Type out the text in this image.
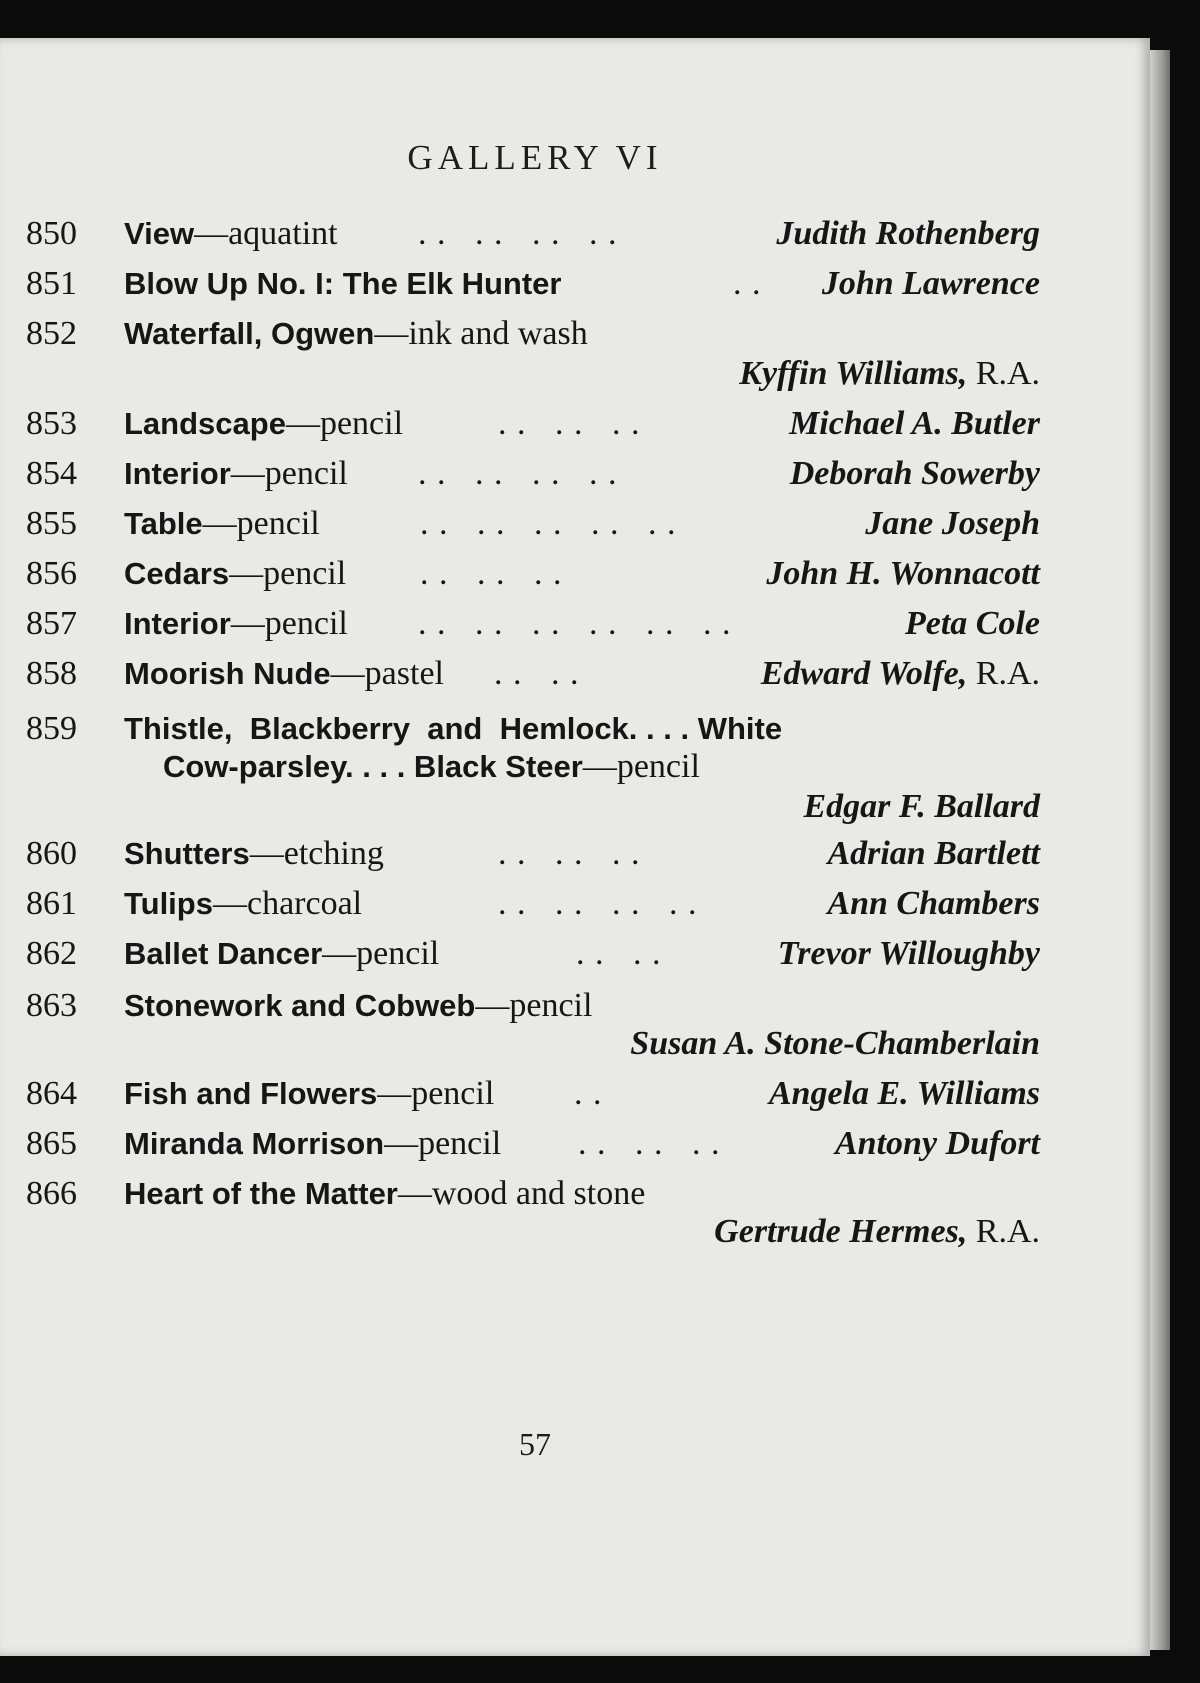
GALLERY VI
850 View—aquatint . .   . .   . .   . .	Judith Rothenberg
851 Blow Up No. I: The Elk Hunter	. . John Lawrence
852 Waterfall, Ogwen—ink and wash
Kyffin Williams, R.A.
853 Landscape—pencil	. .   . .   . .	Michael A. Butler
854 Interior—pencil . .   . .   . .   . .	Deborah Sowerby
855 Table—pencil	. .   . .   . .   . .   . .	Jane Joseph
856 Cedars—pencil . .   . .   . .	John H. Wonnacott
857 Interior—pencil . .   . .   . .   . .   . .   . .	Peta Cole
858 Moorish Nude—pastel . .   . .	Edward Wolfe, R.A.
859 Thistle,  Blackberry  and  Hemlock. . . . White
Cow-parsley. . . . Black Steer—pencil
Edgar F. Ballard
860 Shutters—etching	. .   . .   . .	Adrian Bartlett
861 Tulips—charcoal	. .   . .   . .   . .	Ann Chambers
862 Ballet Dancer—pencil	. .   . .	Trevor Willoughby
863 Stonework and Cobweb—pencil
Susan A. Stone-Chamberlain
864 Fish and Flowers—pencil . .	Angela E. Williams
865 Miranda Morrison—pencil . .   . .   . .	Antony Dufort
866 Heart of the Matter—wood and stone
Gertrude Hermes, R.A.
57
